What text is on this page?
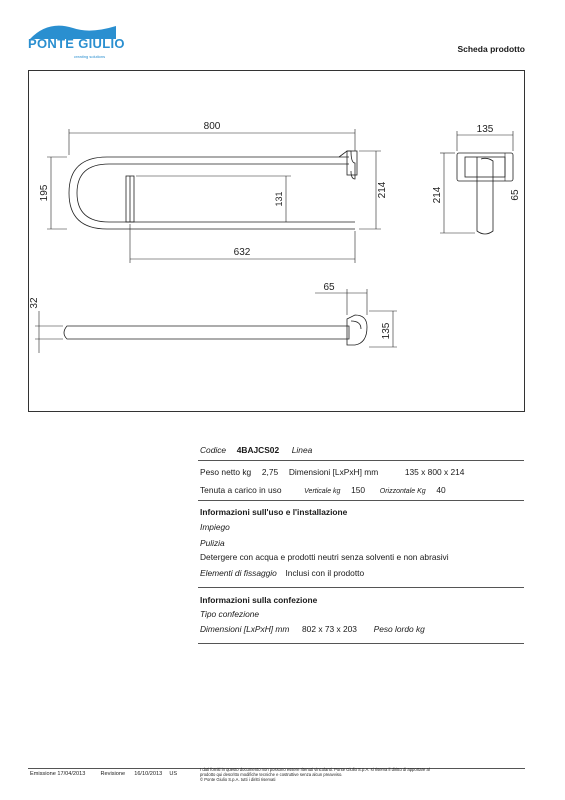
PONTE GIULIO
creating solutions
Scheda prodotto
800
632
195	131
214
135
214	65
32
65
135
Codice 4BAJCS02 Linea
Peso netto kg 2,75 Dimensioni [LxPxH] mm	135 x 800 x 214
Tenuta a carico in uso	Verticale kg 150 Orizzontale Kg 40
Informazioni sull'uso e l'installazione
Impiego
Pulizia
Detergere con acqua e prodotti neutri senza solventi e non abrasivi
Elementi di fissaggio Inclusi con il prodotto
Informazioni sulla confezione
Tipo confezione
Dimensioni [LxPxH] mm 802 x 73 x 203 Peso lordo kg
Emissione 17/04/2013	Revisione 16/10/2013 US
I dati forniti in questo documento non possono essere ritenuti vincolanti. Ponte Giulio S.p.A. si riserva il diritto di apportare al
prodotto qui descritto modifiche tecniche e costruttive senza alcun preavviso.
© Ponte Giulio S.p.A. tutti i diritti riservati
